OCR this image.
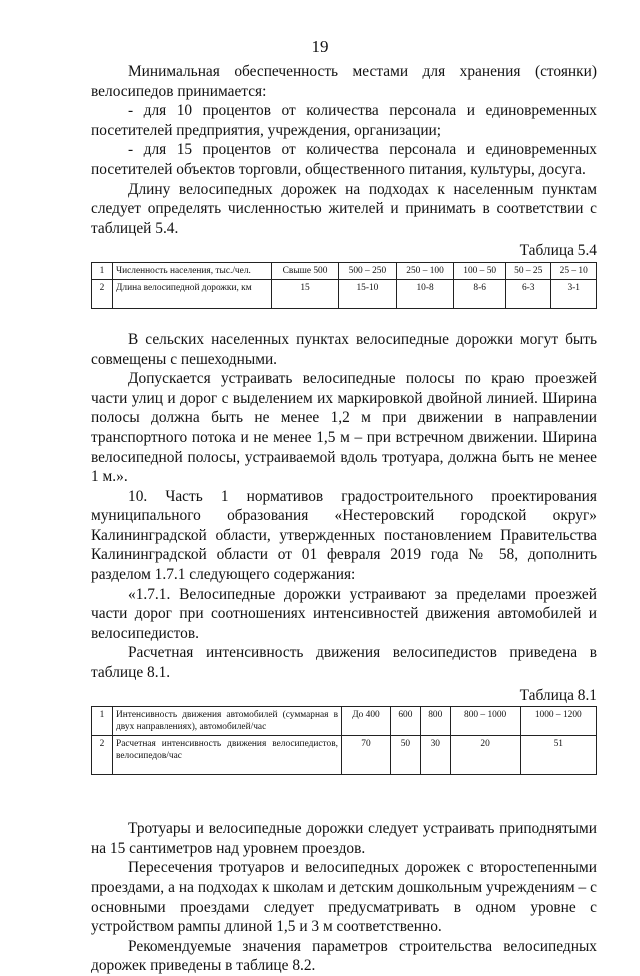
19

Минимальная обеспеченность местами для хранения (стоянки) велосипедов принимается:

- для 10 процентов от количества персонала и единовременных посетителей предприятия, учреждения, организации;

- для 15 процентов от количества персонала и единовременных посетителей объектов торговли, общественного питания, культуры, досуга.

Длину велосипедных дорожек на подходах к населенным пунктам следует определять численностью жителей и принимать в соответствии с таблицей 5.4.

Таблица 5.4
1	Численность населения, тыс./чел.	Свыше 500	500 – 250	250 – 100	100 – 50	50 – 25	25 – 10
2	Длина велосипедной дорожки, км	15	15-10	10-8	8-6	6-3	3-1

В сельских населенных пунктах велосипедные дорожки могут быть совмещены с пешеходными.

Допускается устраивать велосипедные полосы по краю проезжей части улиц и дорог с выделением их маркировкой двойной линией. Ширина полосы должна быть не менее 1,2 м при движении в направлении транспортного потока и не менее 1,5 м – при встречном движении. Ширина велосипедной полосы, устраиваемой вдоль тротуара, должна быть не менее 1 м.».

10. Часть 1 нормативов градостроительного проектирования муниципального образования «Нестеровский городской округ» Калининградской области, утвержденных постановлением Правительства Калининградской области от 01 февраля 2019 года № 58, дополнить разделом 1.7.1 следующего содержания:

«1.7.1. Велосипедные дорожки устраивают за пределами проезжей части дорог при соотношениях интенсивностей движения автомобилей и велосипедистов.

Расчетная интенсивность движения велосипедистов приведена в таблице 8.1.

Таблица 8.1
1	Интенсивность движения автомобилей (суммарная в двух направлениях), автомобилей/час	До 400	600	800	800 – 1000	1000 – 1200
2	Расчетная интенсивность движения велосипедистов, велосипедов/час	70	50	30	20	51

Тротуары и велосипедные дорожки следует устраивать приподнятыми на 15 сантиметров над уровнем проездов.

Пересечения тротуаров и велосипедных дорожек с второстепенными проездами, а на подходах к школам и детским дошкольным учреждениям – с основными проездами следует предусматривать в одном уровне с устройством рампы длиной 1,5 и 3 м соответственно.

Рекомендуемые значения параметров строительства велосипедных дорожек приведены в таблице 8.2.
